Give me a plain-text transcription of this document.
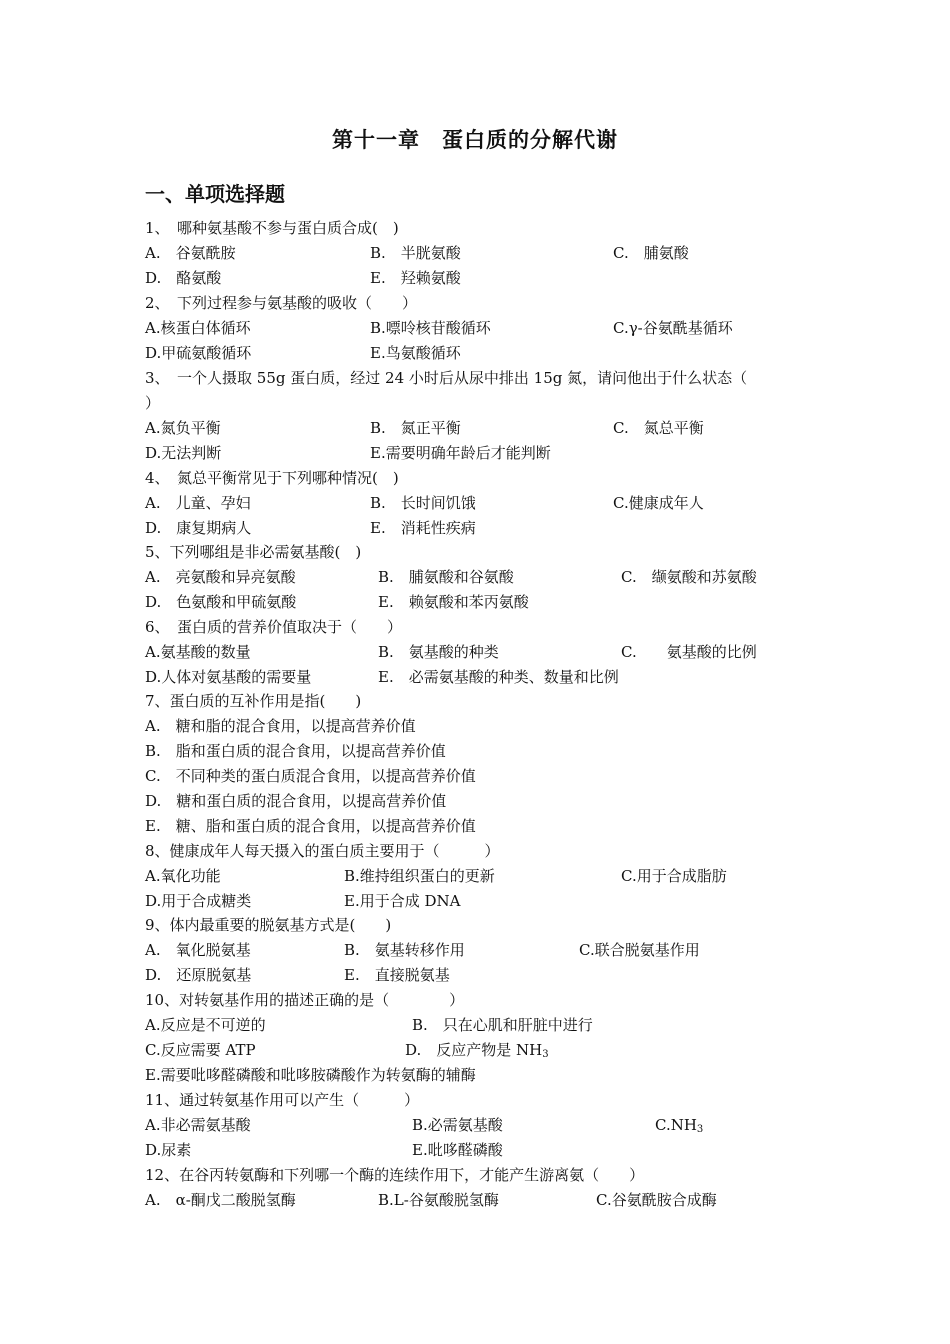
第十一章　蛋白质的分解代谢
一、单项选择题
1、　哪种氨基酸不参与蛋白质合成(　)
A.　谷氨酰胺	B.　半胱氨酸	C.　脯氨酸
D.　酪氨酸	E.　羟赖氨酸
2、　下列过程参与氨基酸的吸收（　　）
A.核蛋白体循环	B.嘌呤核苷酸循环	C.γ-谷氨酰基循环
D.甲硫氨酸循环	E.鸟氨酸循环
3、　一个人摄取 55g 蛋白质，经过 24 小时后从尿中排出 15g 氮，请问他出于什么状态（
）
A.氮负平衡	B.　氮正平衡	C.　氮总平衡
D.无法判断	E.需要明确年龄后才能判断
4、　氮总平衡常见于下列哪种情况(　)
A.　儿童、孕妇	B.　长时间饥饿	C.健康成年人
D.　康复期病人	E.　消耗性疾病
5、下列哪组是非必需氨基酸(　)
A.　亮氨酸和异亮氨酸	B.　脯氨酸和谷氨酸	C.　缬氨酸和苏氨酸
D.　色氨酸和甲硫氨酸	E.　赖氨酸和苯丙氨酸
6、　蛋白质的营养价值取决于（　　）
A.氨基酸的数量	B.　氨基酸的种类	C.　　氨基酸的比例
D.人体对氨基酸的需要量	E.　必需氨基酸的种类、数量和比例
7、蛋白质的互补作用是指(　　)
A.　糖和脂的混合食用，以提高营养价值
B.　脂和蛋白质的混合食用，以提高营养价值
C.　不同种类的蛋白质混合食用，以提高营养价值
D.　糖和蛋白质的混合食用，以提高营养价值
E.　糖、脂和蛋白质的混合食用，以提高营养价值
8、健康成年人每天摄入的蛋白质主要用于（　　　）
A.氧化功能	B.维持组织蛋白的更新	C.用于合成脂肪
D.用于合成糖类	E.用于合成 DNA
9、体内最重要的脱氨基方式是(　　)
A.　氧化脱氨基	B.　氨基转移作用	C.联合脱氨基作用
D.　还原脱氨基	E.　直接脱氨基
10、对转氨基作用的描述正确的是（　　　　）
A.反应是不可逆的	B.　只在心肌和肝脏中进行
C.反应需要 ATP	D.　反应产物是 $NH_3$
E.需要吡哆醛磷酸和吡哆胺磷酸作为转氨酶的辅酶
11、通过转氨基作用可以产生（　　　）
A.非必需氨基酸	B.必需氨基酸	$C.NH_3$
D.尿素	E.吡哆醛磷酸
12、在谷丙转氨酶和下列哪一个酶的连续作用下，才能产生游离氨（　　）
A.　α-酮戊二酸脱氢酶	B.L-谷氨酸脱氢酶	C.谷氨酰胺合成酶
